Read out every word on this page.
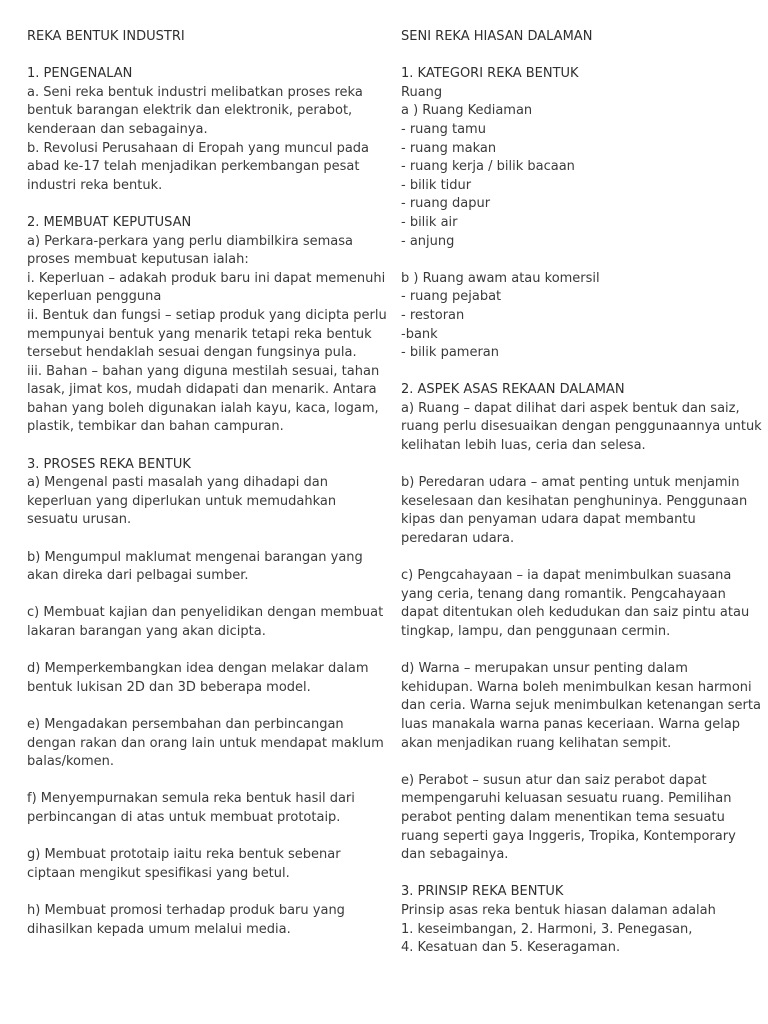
REKA BENTUK INDUSTRI
1. PENGENALAN
a. Seni reka bentuk industri melibatkan proses reka
bentuk barangan elektrik dan elektronik, perabot,
kenderaan dan sebagainya.
b. Revolusi Perusahaan di Eropah yang muncul pada
abad ke-17 telah menjadikan perkembangan pesat
industri reka bentuk.
2. MEMBUAT KEPUTUSAN
a) Perkara-perkara yang perlu diambilkira semasa
proses membuat keputusan ialah:
i. Keperluan – adakah produk baru ini dapat memenuhi
keperluan pengguna
ii. Bentuk dan fungsi – setiap produk yang dicipta perlu
mempunyai bentuk yang menarik tetapi reka bentuk
tersebut hendaklah sesuai dengan fungsinya pula.
iii. Bahan – bahan yang diguna mestilah sesuai, tahan
lasak, jimat kos, mudah didapati dan menarik. Antara
bahan yang boleh digunakan ialah kayu, kaca, logam,
plastik, tembikar dan bahan campuran.
3. PROSES REKA BENTUK
a) Mengenal pasti masalah yang dihadapi dan
keperluan yang diperlukan untuk memudahkan
sesuatu urusan.
b) Mengumpul maklumat mengenai barangan yang
akan direka dari pelbagai sumber.
c) Membuat kajian dan penyelidikan dengan membuat
lakaran barangan yang akan dicipta.
d) Memperkembangkan idea dengan melakar dalam
bentuk lukisan 2D dan 3D beberapa model.
e) Mengadakan persembahan dan perbincangan
dengan rakan dan orang lain untuk mendapat maklum
balas/komen.
f) Menyempurnakan semula reka bentuk hasil dari
perbincangan di atas untuk membuat prototaip.
g) Membuat prototaip iaitu reka bentuk sebenar
ciptaan mengikut spesifikasi yang betul.
h) Membuat promosi terhadap produk baru yang
dihasilkan kepada umum melalui media.
SENI REKA HIASAN DALAMAN
1. KATEGORI REKA BENTUK
Ruang
a ) Ruang Kediaman
- ruang tamu
- ruang makan
- ruang kerja / bilik bacaan
- bilik tidur
- ruang dapur
- bilik air
- anjung
b ) Ruang awam atau komersil
- ruang pejabat
- restoran
-bank
- bilik pameran
2. ASPEK ASAS REKAAN DALAMAN
a) Ruang – dapat dilihat dari aspek bentuk dan saiz,
ruang perlu disesuaikan dengan penggunaannya untuk
kelihatan lebih luas, ceria dan selesa.
b) Peredaran udara – amat penting untuk menjamin
keselesaan dan kesihatan penghuninya. Penggunaan
kipas dan penyaman udara dapat membantu
peredaran udara.
c) Pengcahayaan – ia dapat menimbulkan suasana
yang ceria, tenang dang romantik. Pengcahayaan
dapat ditentukan oleh kedudukan dan saiz pintu atau
tingkap, lampu, dan penggunaan cermin.
d) Warna – merupakan unsur penting dalam
kehidupan. Warna boleh menimbulkan kesan harmoni
dan ceria. Warna sejuk menimbulkan ketenangan serta
luas manakala warna panas keceriaan. Warna gelap
akan menjadikan ruang kelihatan sempit.
e) Perabot – susun atur dan saiz perabot dapat
mempengaruhi keluasan sesuatu ruang. Pemilihan
perabot penting dalam menentikan tema sesuatu
ruang seperti gaya Inggeris, Tropika, Kontemporary
dan sebagainya.
3. PRINSIP REKA BENTUK
Prinsip asas reka bentuk hiasan dalaman adalah
1. keseimbangan, 2. Harmoni, 3. Penegasan,
4. Kesatuan dan 5. Keseragaman.
